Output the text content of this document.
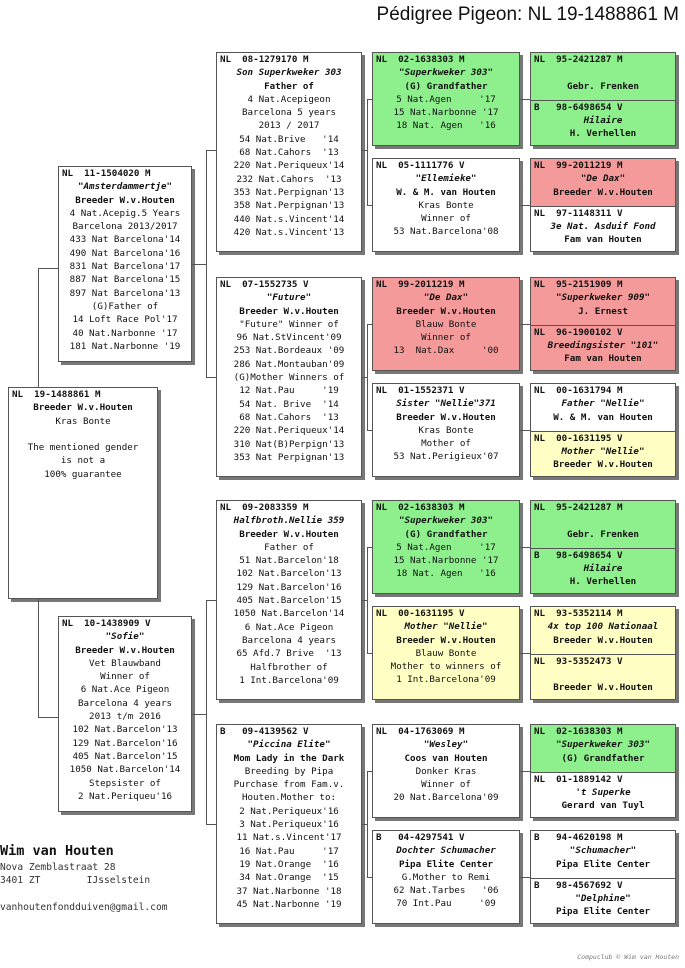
Pédigree Pigeon: NL 19-1488861 M
NL  19-1488861 M
Breeder W.v.Houten
Kras Bonte
The mentioned gender
is not a
100% guarantee
NL  11-1504020 M
"Amsterdammertje"
Breeder W.v.Houten
4 Nat.Acepig.5 Years
Barcelona 2013/2017
433 Nat Barcelona'14
490 Nat Barcelona'16
831 Nat Barcelona'17
887 Nat Barcelona'15
897 Nat Barcelona'13
(G)Father of
14 Loft Race Pol'17
40 Nat.Narbonne '17
181 Nat.Narbonne '19
NL  10-1438909 V
"Sofie"
Breeder W.v.Houten
Vet Blauwband
Winner of
6 Nat.Ace Pigeon
Barcelona 4 years
2013 t/m 2016
102 Nat.Barcelon'13
129 Nat.Barcelon'16
405 Nat.Barcelon'15
1050 Nat.Barcelon'14
Stepsister of
2 Nat.Periqueu'16
NL  08-1279170 M
Son Superkweker 303
Father of
4 Nat.Acepigeon
Barcelona 5 years
2013 / 2017
54 Nat.Brive   '14
68 Nat.Cahors  '13
220 Nat.Periqueux'14
232 Nat.Cahors  '13
353 Nat.Perpignan'13
358 Nat.Perpignan'13
440 Nat.s.Vincent'14
420 Nat.s.Vincent'13
NL  07-1552735 V
"Future"
Breeder W.v.Houten
"Future" Winner of
96 Nat.StVincent'09
253 Nat.Bordeaux '09
286 Nat.Montauban'09
(G)Mother Winners of
12 Nat.Pau     '19
54 Nat. Brive  '14
68 Nat.Cahors  '13
220 Nat.Periqueux'14
310 Nat(B)Perpign'13
353 Nat Perpignan'13
NL  09-2083359 M
Halfbroth.Nellie 359
Breeder W.v.Houten
Father of
51 Nat.Barcelon'18
102 Nat.Barcelon'13
129 Nat.Barcelon'16
405 Nat.Barcelon'15
1050 Nat.Barcelon'14
6 Nat.Ace Pigeon
Barcelona 4 years
65 Afd.7 Brive  '13
Halfbrother of
1 Int.Barcelona'09
B   09-4139562 V
"Piccina Elite"
Mom Lady in the Dark
Breeding by Pipa
Purchase from Fam.v.
Houten.Mother to:
2 Nat.Periqueux'16
3 Nat.Periqueux'16
11 Nat.s.Vincent'17
16 Nat.Pau     '17
19 Nat.Orange  '16
34 Nat.Orange  '15
37 Nat.Narbonne '18
45 Nat.Narbonne '19
NL  02-1638303 M
"Superkweker 303"
(G) Grandfather
5 Nat.Agen     '17
15 Nat.Narbonne '17
18 Nat. Agen   '16
NL  05-1111776 V
"Ellemieke"
W. & M. van Houten
Kras Bonte
Winner of
53 Nat.Barcelona'08
NL  99-2011219 M
"De Dax"
Breeder W.v.Houten
Blauw Bonte
Winner of
13  Nat.Dax     '00
NL  01-1552371 V
Sister "Nellie"371
Breeder W.v.Houten
Kras Bonte
Mother of
53 Nat.Perigieux'07
NL  02-1638303 M
"Superkweker 303"
(G) Grandfather
5 Nat.Agen     '17
15 Nat.Narbonne '17
18 Nat. Agen   '16
NL  00-1631195 V
Mother "Nellie"
Breeder W.v.Houten
Blauw Bonte
Mother to winners of
1 Int.Barcelona'09
NL  04-1763069 M
"Wesley"
Coos van Houten
Donker Kras
Winner of
20 Nat.Barcelona'09
B   04-4297541 V
Dochter Schumacher
Pipa Elite Center
G.Mother to Remi
62 Nat.Tarbes   '06
70 Int.Pau     '09
NL  95-2421287 M
Gebr. Frenken
B   98-6498654 V
Hilaire
H. Verhellen
NL  99-2011219 M
"De Dax"
Breeder W.v.Houten
NL  97-1148311 V
3e Nat. Asduif Fond
Fam van Houten
NL  95-2151909 M
"Superkweker 909"
J. Ernest
NL  96-1900102 V
Breedingsister "101"
Fam van Houten
NL  00-1631794 M
Father "Nellie"
W. & M. van Houten
NL  00-1631195 V
Mother "Nellie"
Breeder W.v.Houten
NL  95-2421287 M
Gebr. Frenken
B   98-6498654 V
Hilaire
H. Verhellen
NL  93-5352114 M
4x top 100 Nationaal
Breeder W.v.Houten
NL  93-5352473 V
Breeder W.v.Houten
NL  02-1638303 M
"Superkweker 303"
(G) Grandfather
NL  01-1889142 V
't Superke
Gerard van Tuyl
B   94-4620198 M
"Schumacher"
Pipa Elite Center
B   98-4567692 V
"Delphine"
Pipa Elite Center
Wim van Houten
Nova Zemblastraat 28
3401 ZT        IJsselstein
vanhoutenfondduiven@gmail.com
Compuclub © Wim van Houten
